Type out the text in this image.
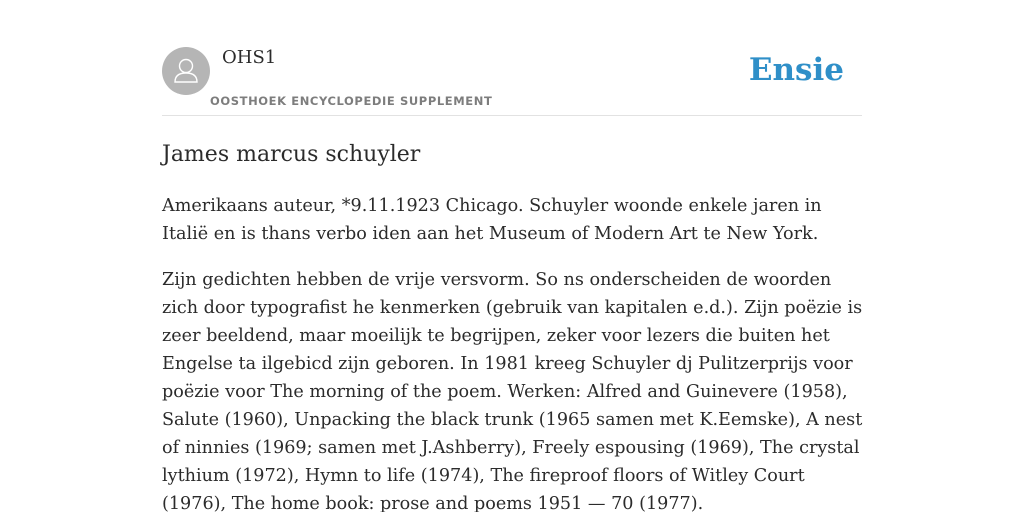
OHS1
OOSTHOEK ENCYCLOPEDIE SUPPLEMENT
Ensie
James marcus schuyler

Amerikaans auteur, *9.11.1923 Chicago. Schuyler woonde enkele jaren in Italië en is thans verbo iden aan het Museum of Modern Art te New York.

Zijn gedichten hebben de vrije versvorm. So ns onderscheiden de woorden zich door typografist he kenmerken (gebruik van kapitalen e.d.). Zijn poëzie is zeer beeldend, maar moeilijk te begrijpen, zeker voor lezers die buiten het Engelse ta ilgebicd zijn geboren. In 1981 kreeg Schuyler dj Pulitzerprijs voor poëzie voor The morning of the poem. Werken: Alfred and Guinevere (1958), Salute (1960), Unpacking the black trunk (1965 samen met K.Eemske), A nest of ninnies (1969; samen met J.Ashberry), Freely espousing (1969), The crystal lythium (1972), Hymn to life (1974), The fireproof floors of Witley Court (1976), The home book: prose and poems 1951 — 70 (1977).
